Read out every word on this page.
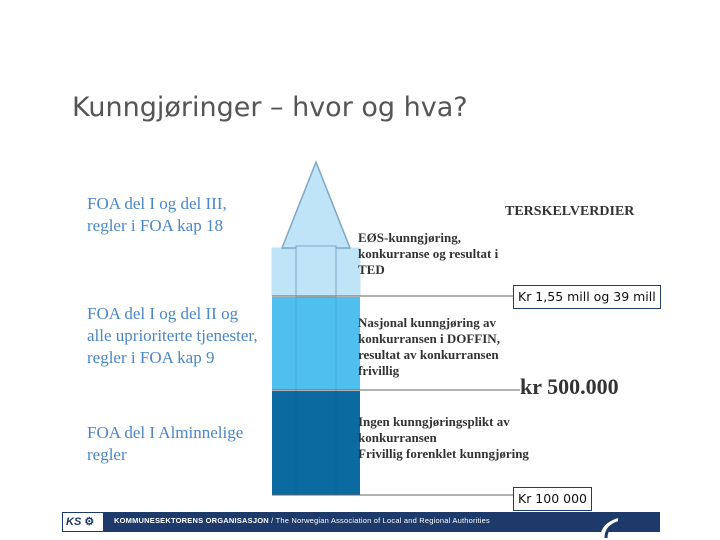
Kunngjøringer – hvor og hva?
FOA del I og del III,
regler i FOA kap 18
FOA del I og del II og
alle uprioriterte tjenester,
regler i FOA kap 9
FOA del I Alminnelige
regler
TERSKELVERDIER
EØS-kunngjøring,
konkurranse og resultat i
TED
Nasjonal kunngjøring av
konkurransen i DOFFIN,
resultat av konkurransen
frivillig
Ingen kunngjøringsplikt av
konkurransen
Frivillig forenklet kunngjøring
Kr 1,55 mill og 39 mill
kr 500.000
Kr 100 000
KS ⚙	KOMMUNESEKTORENS ORGANISASJON / The Norwegian Association of Local and Regional Authorities
